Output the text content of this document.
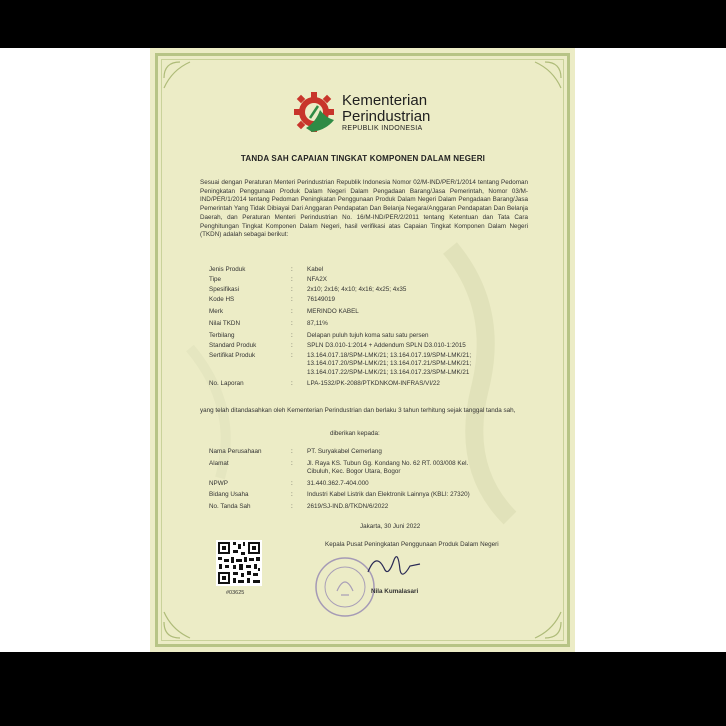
Kementerian
Perindustrian
REPUBLIK INDONESIA
TANDA SAH CAPAIAN TINGKAT KOMPONEN DALAM NEGERI
Sesuai dengan Peraturan Menteri Perindustrian Republik Indonesia Nomor 02/M-IND/PER/1/2014 tentang Pedoman Peningkatan Penggunaan Produk Dalam Negeri Dalam Pengadaan Barang/Jasa Pemerintah, Nomor 03/M-IND/PER/1/2014 tentang Pedoman Peningkatan Penggunaan Produk Dalam Negeri Dalam Pengadaan Barang/Jasa Pemerintah Yang Tidak Dibiayai Dari Anggaran Pendapatan Dan Belanja Negara/Anggaran Pendapatan Dan Belanja Daerah, dan Peraturan Menteri Perindustrian No. 16/M-IND/PER/2/2011 tentang Ketentuan dan Tata Cara Penghitungan Tingkat Komponen Dalam Negeri, hasil verifikasi atas Capaian Tingkat Komponen Dalam Negeri (TKDN) adalah sebagai berikut:
Jenis Produk	: Kabel
Tipe	: NFA2X
Spesifikasi	: 2x10; 2x16; 4x10; 4x16; 4x25; 4x35
Kode HS	: 76149019
Merk	: MERINDO KABEL
Nilai TKDN	: 87,11%
Terbilang	: Delapan puluh tujuh koma satu satu persen
Standard Produk	: SPLN D3.010-1:2014 + Addendum SPLN D3.010-1:2015
Sertifikat Produk	: 13.164.017.18/SPM-LMK/21; 13.164.017.19/SPM-LMK/21;
13.164.017.20/SPM-LMK/21; 13.164.017.21/SPM-LMK/21;
13.164.017.22/SPM-LMK/21; 13.164.017.23/SPM-LMK/21
No. Laporan	: LPA-1532/PK-2088/PTKDNKOM-INFRAS/VI/22
yang telah ditandasahkan oleh Kementerian Perindustrian dan berlaku 3 tahun terhitung sejak tanggal tanda sah,
diberikan kepada:
Nama Perusahaan	: PT. Suryakabel Cemerlang
Alamat	: Jl. Raya KS. Tubun Gg. Kondang No. 62 RT. 003/008 Kel.
Cibuluh, Kec. Bogor Utara, Bogor
NPWP	: 31.440.362.7-404.000
Bidang Usaha	: Industri Kabel Listrik dan Elektronik Lainnya (KBLI: 27320)
No. Tanda Sah	: 2619/SJ-IND.8/TKDN/6/2022
Jakarta, 30 Juni 2022
Kepala Pusat Peningkatan Penggunaan Produk Dalam Negeri
Nila Kumalasari
#03625
